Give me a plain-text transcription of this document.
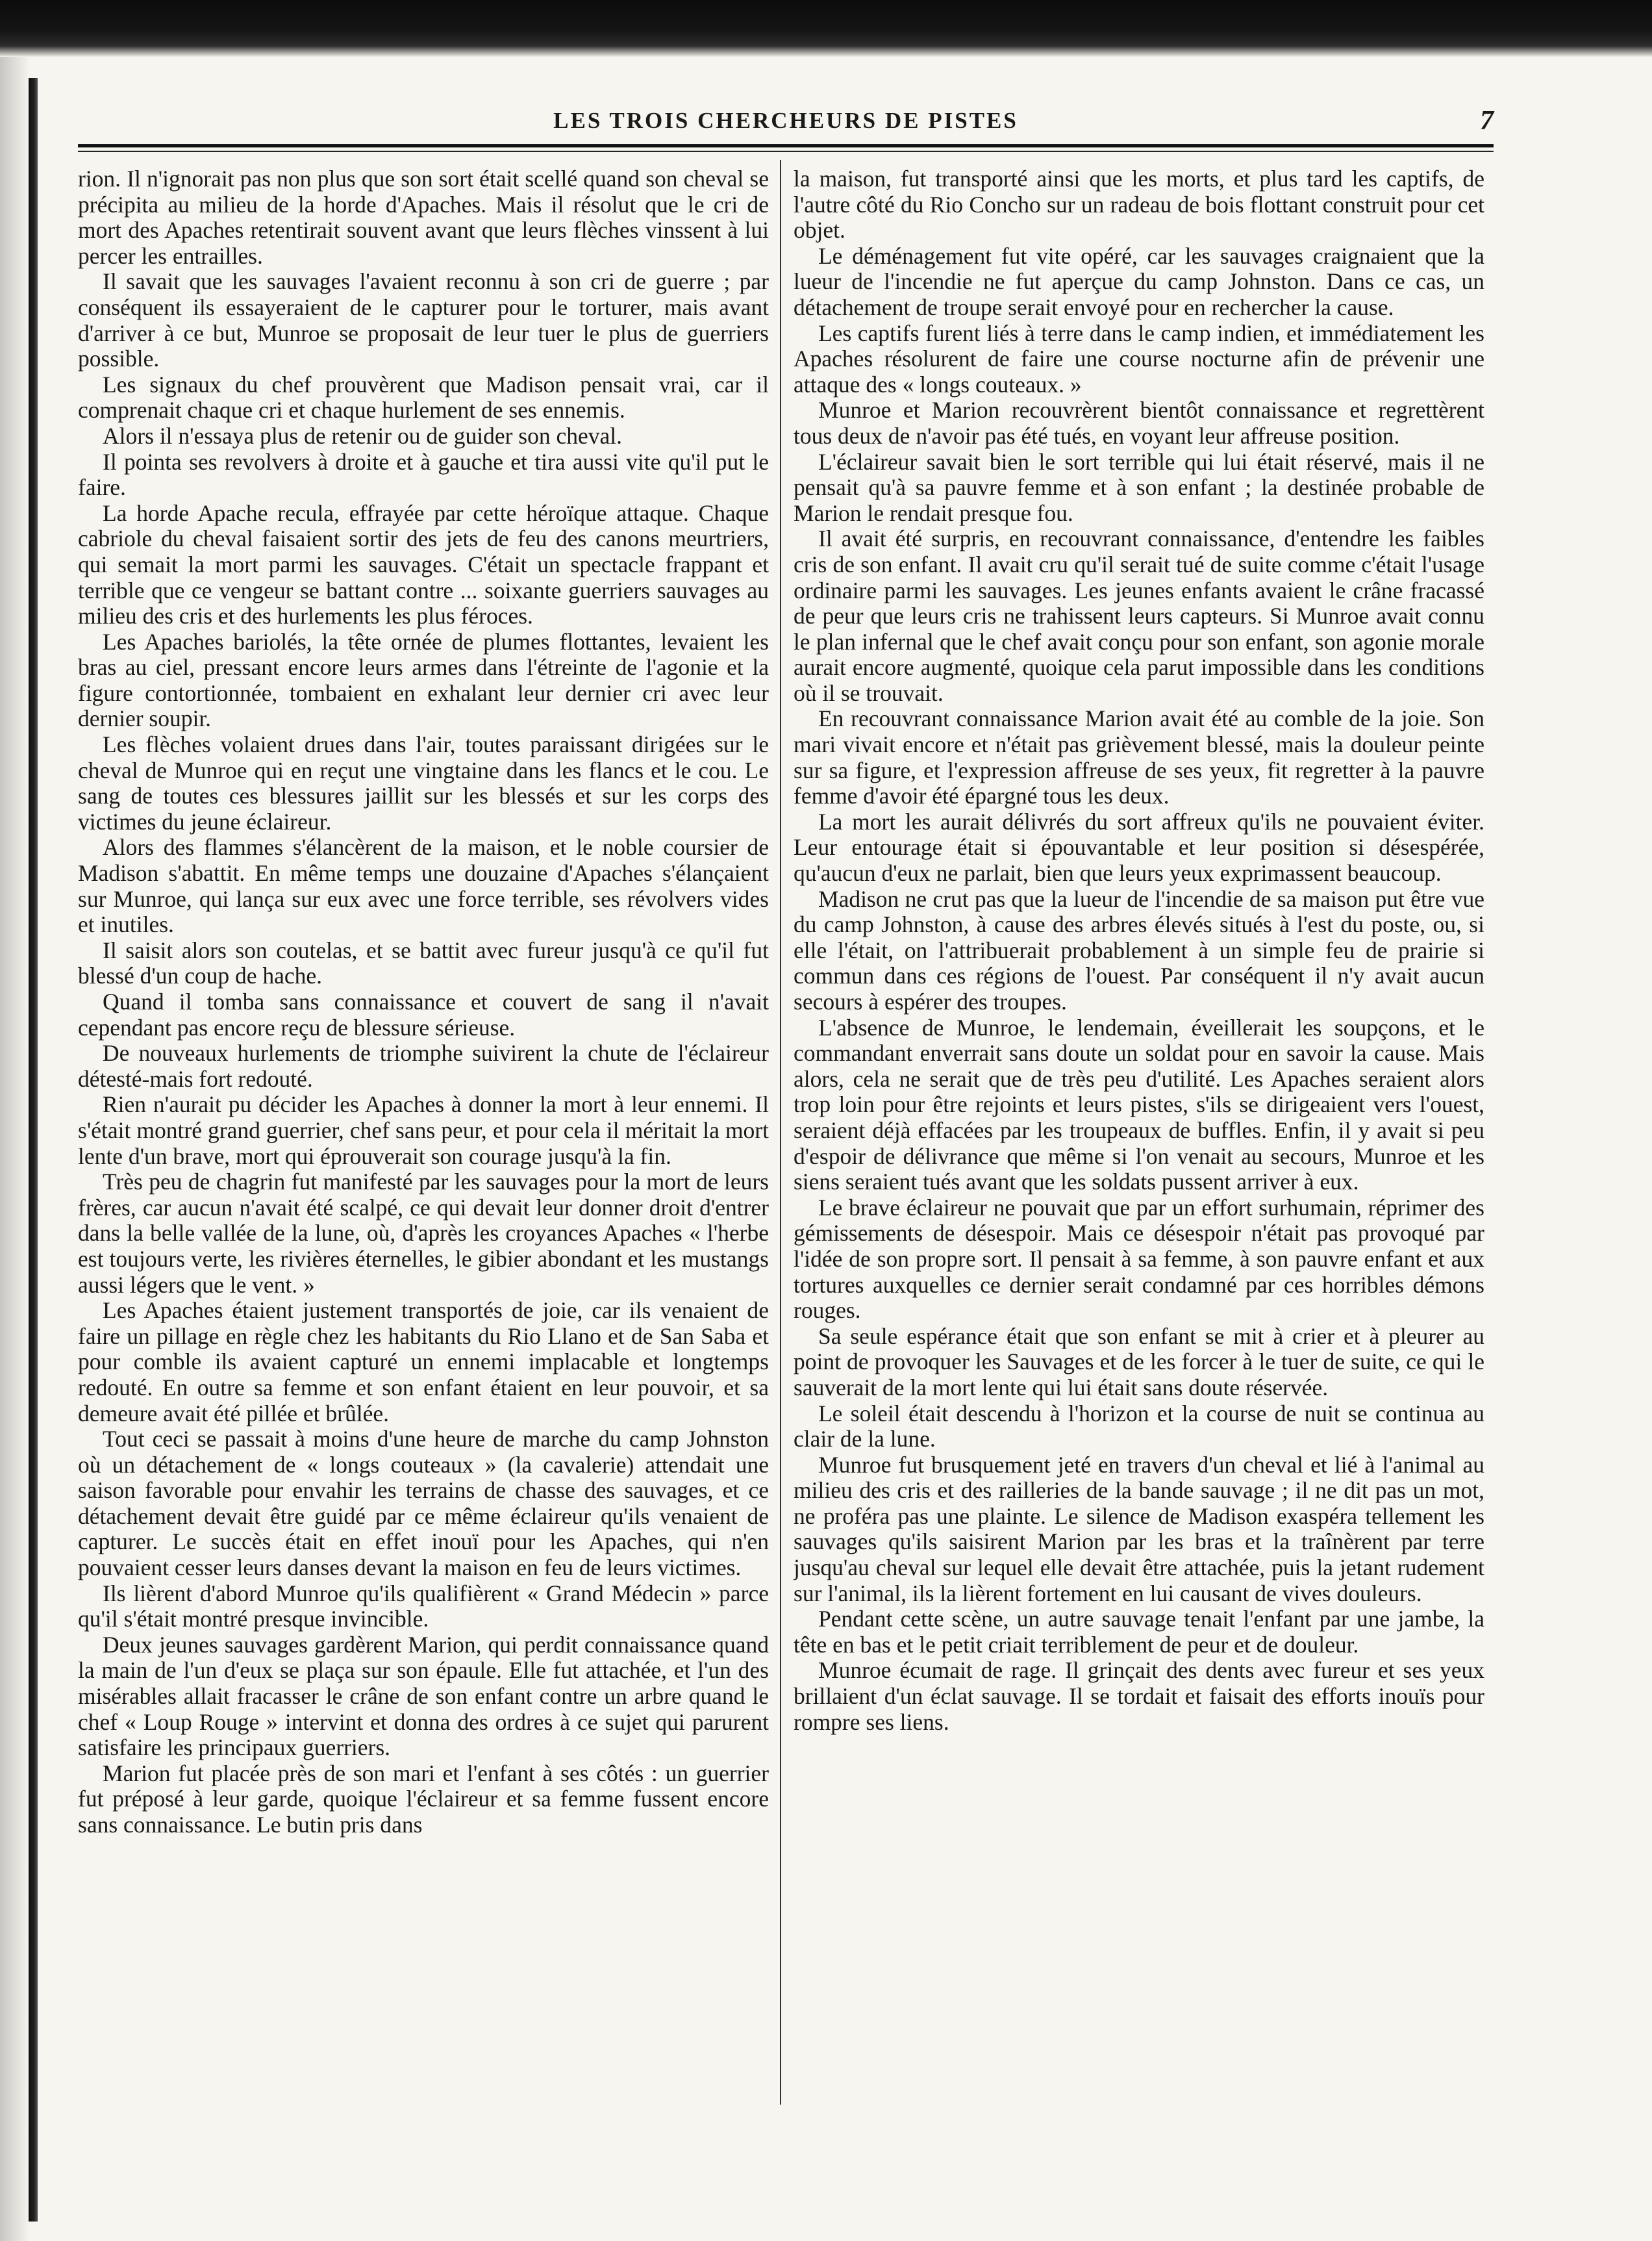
LES TROIS CHERCHEURS DE PISTES	7

rion. Il n'ignorait pas non plus que son sort était scellé quand son cheval se précipita au milieu de la horde d'Apaches. Mais il résolut que le cri de mort des Apaches retentirait souvent avant que leurs flèches vinssent à lui percer les entrailles.

Il savait que les sauvages l'avaient reconnu à son cri de guerre ; par conséquent ils essayeraient de le capturer pour le torturer, mais avant d'arriver à ce but, Munroe se proposait de leur tuer le plus de guerriers possible.

Les signaux du chef prouvèrent que Madison pensait vrai, car il comprenait chaque cri et chaque hurlement de ses ennemis.

Alors il n'essaya plus de retenir ou de guider son cheval.

Il pointa ses revolvers à droite et à gauche et tira aussi vite qu'il put le faire.

La horde Apache recula, effrayée par cette héroïque attaque. Chaque cabriole du cheval faisaient sortir des jets de feu des canons meurtriers, qui semait la mort parmi les sauvages. C'était un spectacle frappant et terrible que ce vengeur se battant contre ... soixante guerriers sauvages au milieu des cris et des hurlements les plus féroces.

Les Apaches bariolés, la tête ornée de plumes flottantes, levaient les bras au ciel, pressant encore leurs armes dans l'étreinte de l'agonie et la figure contortionnée, tombaient en exhalant leur dernier cri avec leur dernier soupir.

Les flèches volaient drues dans l'air, toutes paraissant dirigées sur le cheval de Munroe qui en reçut une vingtaine dans les flancs et le cou. Le sang de toutes ces blessures jaillit sur les blessés et sur les corps des victimes du jeune éclaireur.

Alors des flammes s'élancèrent de la maison, et le noble coursier de Madison s'abattit. En même temps une douzaine d'Apaches s'élançaient sur Munroe, qui lança sur eux avec une force terrible, ses révolvers vides et inutiles.

Il saisit alors son coutelas, et se battit avec fureur jusqu'à ce qu'il fut blessé d'un coup de hache.

Quand il tomba sans connaissance et couvert de sang il n'avait cependant pas encore reçu de blessure sérieuse.

De nouveaux hurlements de triomphe suivirent la chute de l'éclaireur détesté-mais fort redouté.

Rien n'aurait pu décider les Apaches à donner la mort à leur ennemi. Il s'était montré grand guerrier, chef sans peur, et pour cela il méritait la mort lente d'un brave, mort qui éprouverait son courage jusqu'à la fin.

Très peu de chagrin fut manifesté par les sauvages pour la mort de leurs frères, car aucun n'avait été scalpé, ce qui devait leur donner droit d'entrer dans la belle vallée de la lune, où, d'après les croyances Apaches « l'herbe est toujours verte, les rivières éternelles, le gibier abondant et les mustangs aussi légers que le vent. »

Les Apaches étaient justement transportés de joie, car ils venaient de faire un pillage en règle chez les habitants du Rio Llano et de San Saba et pour comble ils avaient capturé un ennemi implacable et longtemps redouté. En outre sa femme et son enfant étaient en leur pouvoir, et sa demeure avait été pillée et brûlée.

Tout ceci se passait à moins d'une heure de marche du camp Johnston où un détachement de « longs couteaux » (la cavalerie) attendait une saison favorable pour envahir les terrains de chasse des sauvages, et ce détachement devait être guidé par ce même éclaireur qu'ils venaient de capturer. Le succès était en effet inouï pour les Apaches, qui n'en pouvaient cesser leurs danses devant la maison en feu de leurs victimes.

Ils lièrent d'abord Munroe qu'ils qualifièrent « Grand Médecin » parce qu'il s'était montré presque invincible.

Deux jeunes sauvages gardèrent Marion, qui perdit connaissance quand la main de l'un d'eux se plaça sur son épaule. Elle fut attachée, et l'un des misérables allait fracasser le crâne de son enfant contre un arbre quand le chef « Loup Rouge » intervint et donna des ordres à ce sujet qui parurent satisfaire les principaux guerriers.

Marion fut placée près de son mari et l'enfant à ses côtés : un guerrier fut préposé à leur garde, quoique l'éclaireur et sa femme fussent encore sans connaissance. Le butin pris dans

la maison, fut transporté ainsi que les morts, et plus tard les captifs, de l'autre côté du Rio Concho sur un radeau de bois flottant construit pour cet objet.

Le déménagement fut vite opéré, car les sauvages craignaient que la lueur de l'incendie ne fut aperçue du camp Johnston. Dans ce cas, un détachement de troupe serait envoyé pour en rechercher la cause.

Les captifs furent liés à terre dans le camp indien, et immédiatement les Apaches résolurent de faire une course nocturne afin de prévenir une attaque des « longs couteaux. »

Munroe et Marion recouvrèrent bientôt connaissance et regrettèrent tous deux de n'avoir pas été tués, en voyant leur affreuse position.

L'éclaireur savait bien le sort terrible qui lui était réservé, mais il ne pensait qu'à sa pauvre femme et à son enfant ; la destinée probable de Marion le rendait presque fou.

Il avait été surpris, en recouvrant connaissance, d'entendre les faibles cris de son enfant. Il avait cru qu'il serait tué de suite comme c'était l'usage ordinaire parmi les sauvages. Les jeunes enfants avaient le crâne fracassé de peur que leurs cris ne trahissent leurs capteurs. Si Munroe avait connu le plan infernal que le chef avait conçu pour son enfant, son agonie morale aurait encore augmenté, quoique cela parut impossible dans les conditions où il se trouvait.

En recouvrant connaissance Marion avait été au comble de la joie. Son mari vivait encore et n'était pas grièvement blessé, mais la douleur peinte sur sa figure, et l'expression affreuse de ses yeux, fit regretter à la pauvre femme d'avoir été épargné tous les deux.

La mort les aurait délivrés du sort affreux qu'ils ne pouvaient éviter. Leur entourage était si épouvantable et leur position si désespérée, qu'aucun d'eux ne parlait, bien que leurs yeux exprimassent beaucoup.

Madison ne crut pas que la lueur de l'incendie de sa maison put être vue du camp Johnston, à cause des arbres élevés situés à l'est du poste, ou, si elle l'était, on l'attribuerait probablement à un simple feu de prairie si commun dans ces régions de l'ouest. Par conséquent il n'y avait aucun secours à espérer des troupes.

L'absence de Munroe, le lendemain, éveillerait les soupçons, et le commandant enverrait sans doute un soldat pour en savoir la cause. Mais alors, cela ne serait que de très peu d'utilité. Les Apaches seraient alors trop loin pour être rejoints et leurs pistes, s'ils se dirigeaient vers l'ouest, seraient déjà effacées par les troupeaux de buffles. Enfin, il y avait si peu d'espoir de délivrance que même si l'on venait au secours, Munroe et les siens seraient tués avant que les soldats pussent arriver à eux.

Le brave éclaireur ne pouvait que par un effort surhumain, réprimer des gémissements de désespoir. Mais ce désespoir n'était pas provoqué par l'idée de son propre sort. Il pensait à sa femme, à son pauvre enfant et aux tortures auxquelles ce dernier serait condamné par ces horribles démons rouges.

Sa seule espérance était que son enfant se mit à crier et à pleurer au point de provoquer les Sauvages et de les forcer à le tuer de suite, ce qui le sauverait de la mort lente qui lui était sans doute réservée.

Le soleil était descendu à l'horizon et la course de nuit se continua au clair de la lune.

Munroe fut brusquement jeté en travers d'un cheval et lié à l'animal au milieu des cris et des railleries de la bande sauvage ; il ne dit pas un mot, ne proféra pas une plainte. Le silence de Madison exaspéra tellement les sauvages qu'ils saisirent Marion par les bras et la traînèrent par terre jusqu'au cheval sur lequel elle devait être attachée, puis la jetant rudement sur l'animal, ils la lièrent fortement en lui causant de vives douleurs.

Pendant cette scène, un autre sauvage tenait l'enfant par une jambe, la tête en bas et le petit criait terriblement de peur et de douleur.

Munroe écumait de rage. Il grinçait des dents avec fureur et ses yeux brillaient d'un éclat sauvage. Il se tordait et faisait des efforts inouïs pour rompre ses liens.
